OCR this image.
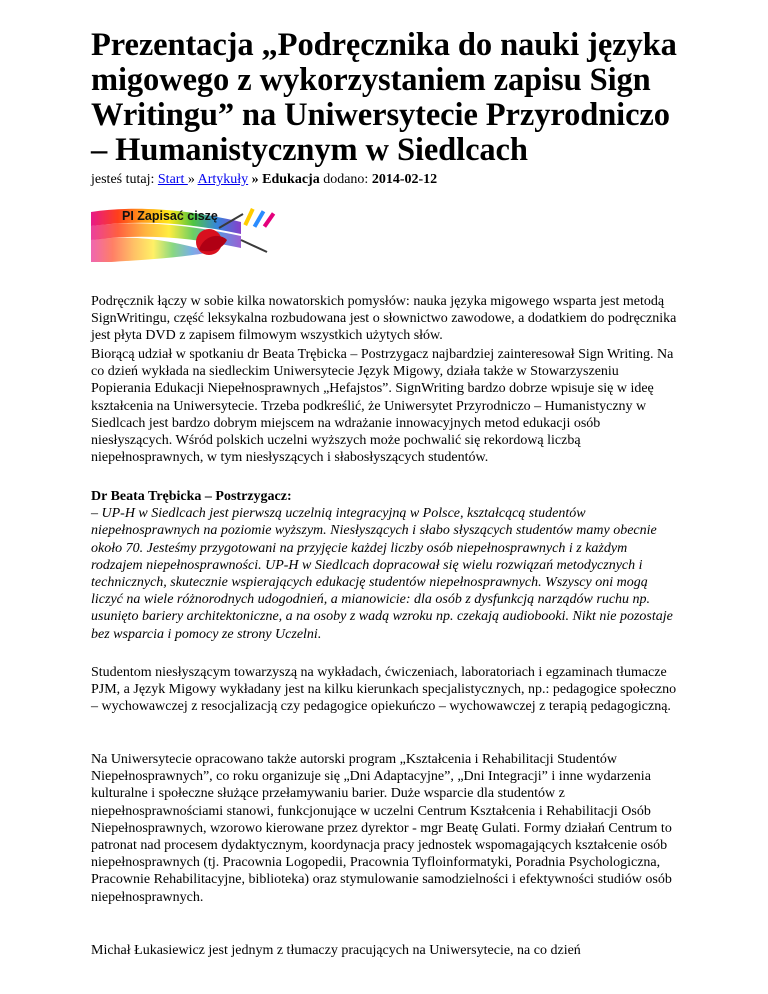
Prezentacja „Podręcznika do nauki języka migowego z wykorzystaniem zapisu Sign Writingu” na Uniwersytecie Przyrodniczo – Humanistycznym w Siedlcach
jesteś tutaj: Start » Artykuły » Edukacja dodano: 2014-02-12
PI Zapisać ciszę

Podręcznik łączy w sobie kilka nowatorskich pomysłów: nauka języka migowego wsparta jest metodą SignWritingu, część leksykalna rozbudowana jest o słownictwo zawodowe, a dodatkiem do podręcznika jest płyta DVD z zapisem filmowym wszystkich użytych słów.

Biorącą udział w spotkaniu dr Beata Trębicka – Postrzygacz najbardziej zainteresował Sign Writing. Na co dzień wykłada na siedleckim Uniwersytecie Język Migowy, działa także w Stowarzyszeniu Popierania Edukacji Niepełnosprawnych „Hefajstos”. SignWriting bardzo dobrze wpisuje się w ideę kształcenia na Uniwersytecie. Trzeba podkreślić, że Uniwersytet Przyrodniczo – Humanistyczny w Siedlcach jest bardzo dobrym miejscem na wdrażanie innowacyjnych metod edukacji osób niesłyszących. Wśród polskich uczelni wyższych może pochwalić się rekordową liczbą niepełnosprawnych, w tym niesłyszących i słabosłyszących studentów.

Dr Beata Trębicka – Postrzygacz:
– UP-H w Siedlcach jest pierwszą uczelnią integracyjną w Polsce, kształcącą studentów niepełnosprawnych na poziomie wyższym. Niesłyszących i słabo słyszących studentów mamy obecnie około 70. Jesteśmy przygotowani na przyjęcie każdej liczby osób niepełnosprawnych i z każdym rodzajem niepełnosprawności. UP-H w Siedlcach dopracował się wielu rozwiązań metodycznych i technicznych, skutecznie wspierających edukację studentów niepełnosprawnych. Wszyscy oni mogą liczyć na wiele różnorodnych udogodnień, a mianowicie: dla osób z dysfunkcją narządów ruchu np. usunięto bariery architektoniczne, a na osoby z wadą wzroku np. czekają audiobooki. Nikt nie pozostaje bez wsparcia i pomocy ze strony Uczelni.

Studentom niesłyszącym towarzyszą na wykładach, ćwiczeniach, laboratoriach i egzaminach tłumacze PJM, a Język Migowy wykładany jest na kilku kierunkach specjalistycznych, np.: pedagogice społeczno – wychowawczej z resocjalizacją czy pedagogice opiekuńczo – wychowawczej z terapią pedagogiczną.

Na Uniwersytecie opracowano także autorski program „Kształcenia i Rehabilitacji Studentów Niepełnosprawnych”, co roku organizuje się „Dni Adaptacyjne”, „Dni Integracji” i inne wydarzenia kulturalne i społeczne służące przełamywaniu barier. Duże wsparcie dla studentów z niepełnosprawnościami stanowi, funkcjonujące w uczelni Centrum Kształcenia i Rehabilitacji Osób Niepełnosprawnych, wzorowo kierowane przez dyrektor - mgr Beatę Gulati. Formy działań Centrum to patronat nad procesem dydaktycznym, koordynacja pracy jednostek wspomagających kształcenie osób niepełnosprawnych (tj. Pracownia Logopedii, Pracownia Tyfloinformatyki, Poradnia Psychologiczna, Pracownie Rehabilitacyjne, biblioteka) oraz stymulowanie samodzielności i efektywności studiów osób niepełnosprawnych.

Michał Łukasiewicz jest jednym z tłumaczy pracujących na Uniwersytecie, na co dzień
